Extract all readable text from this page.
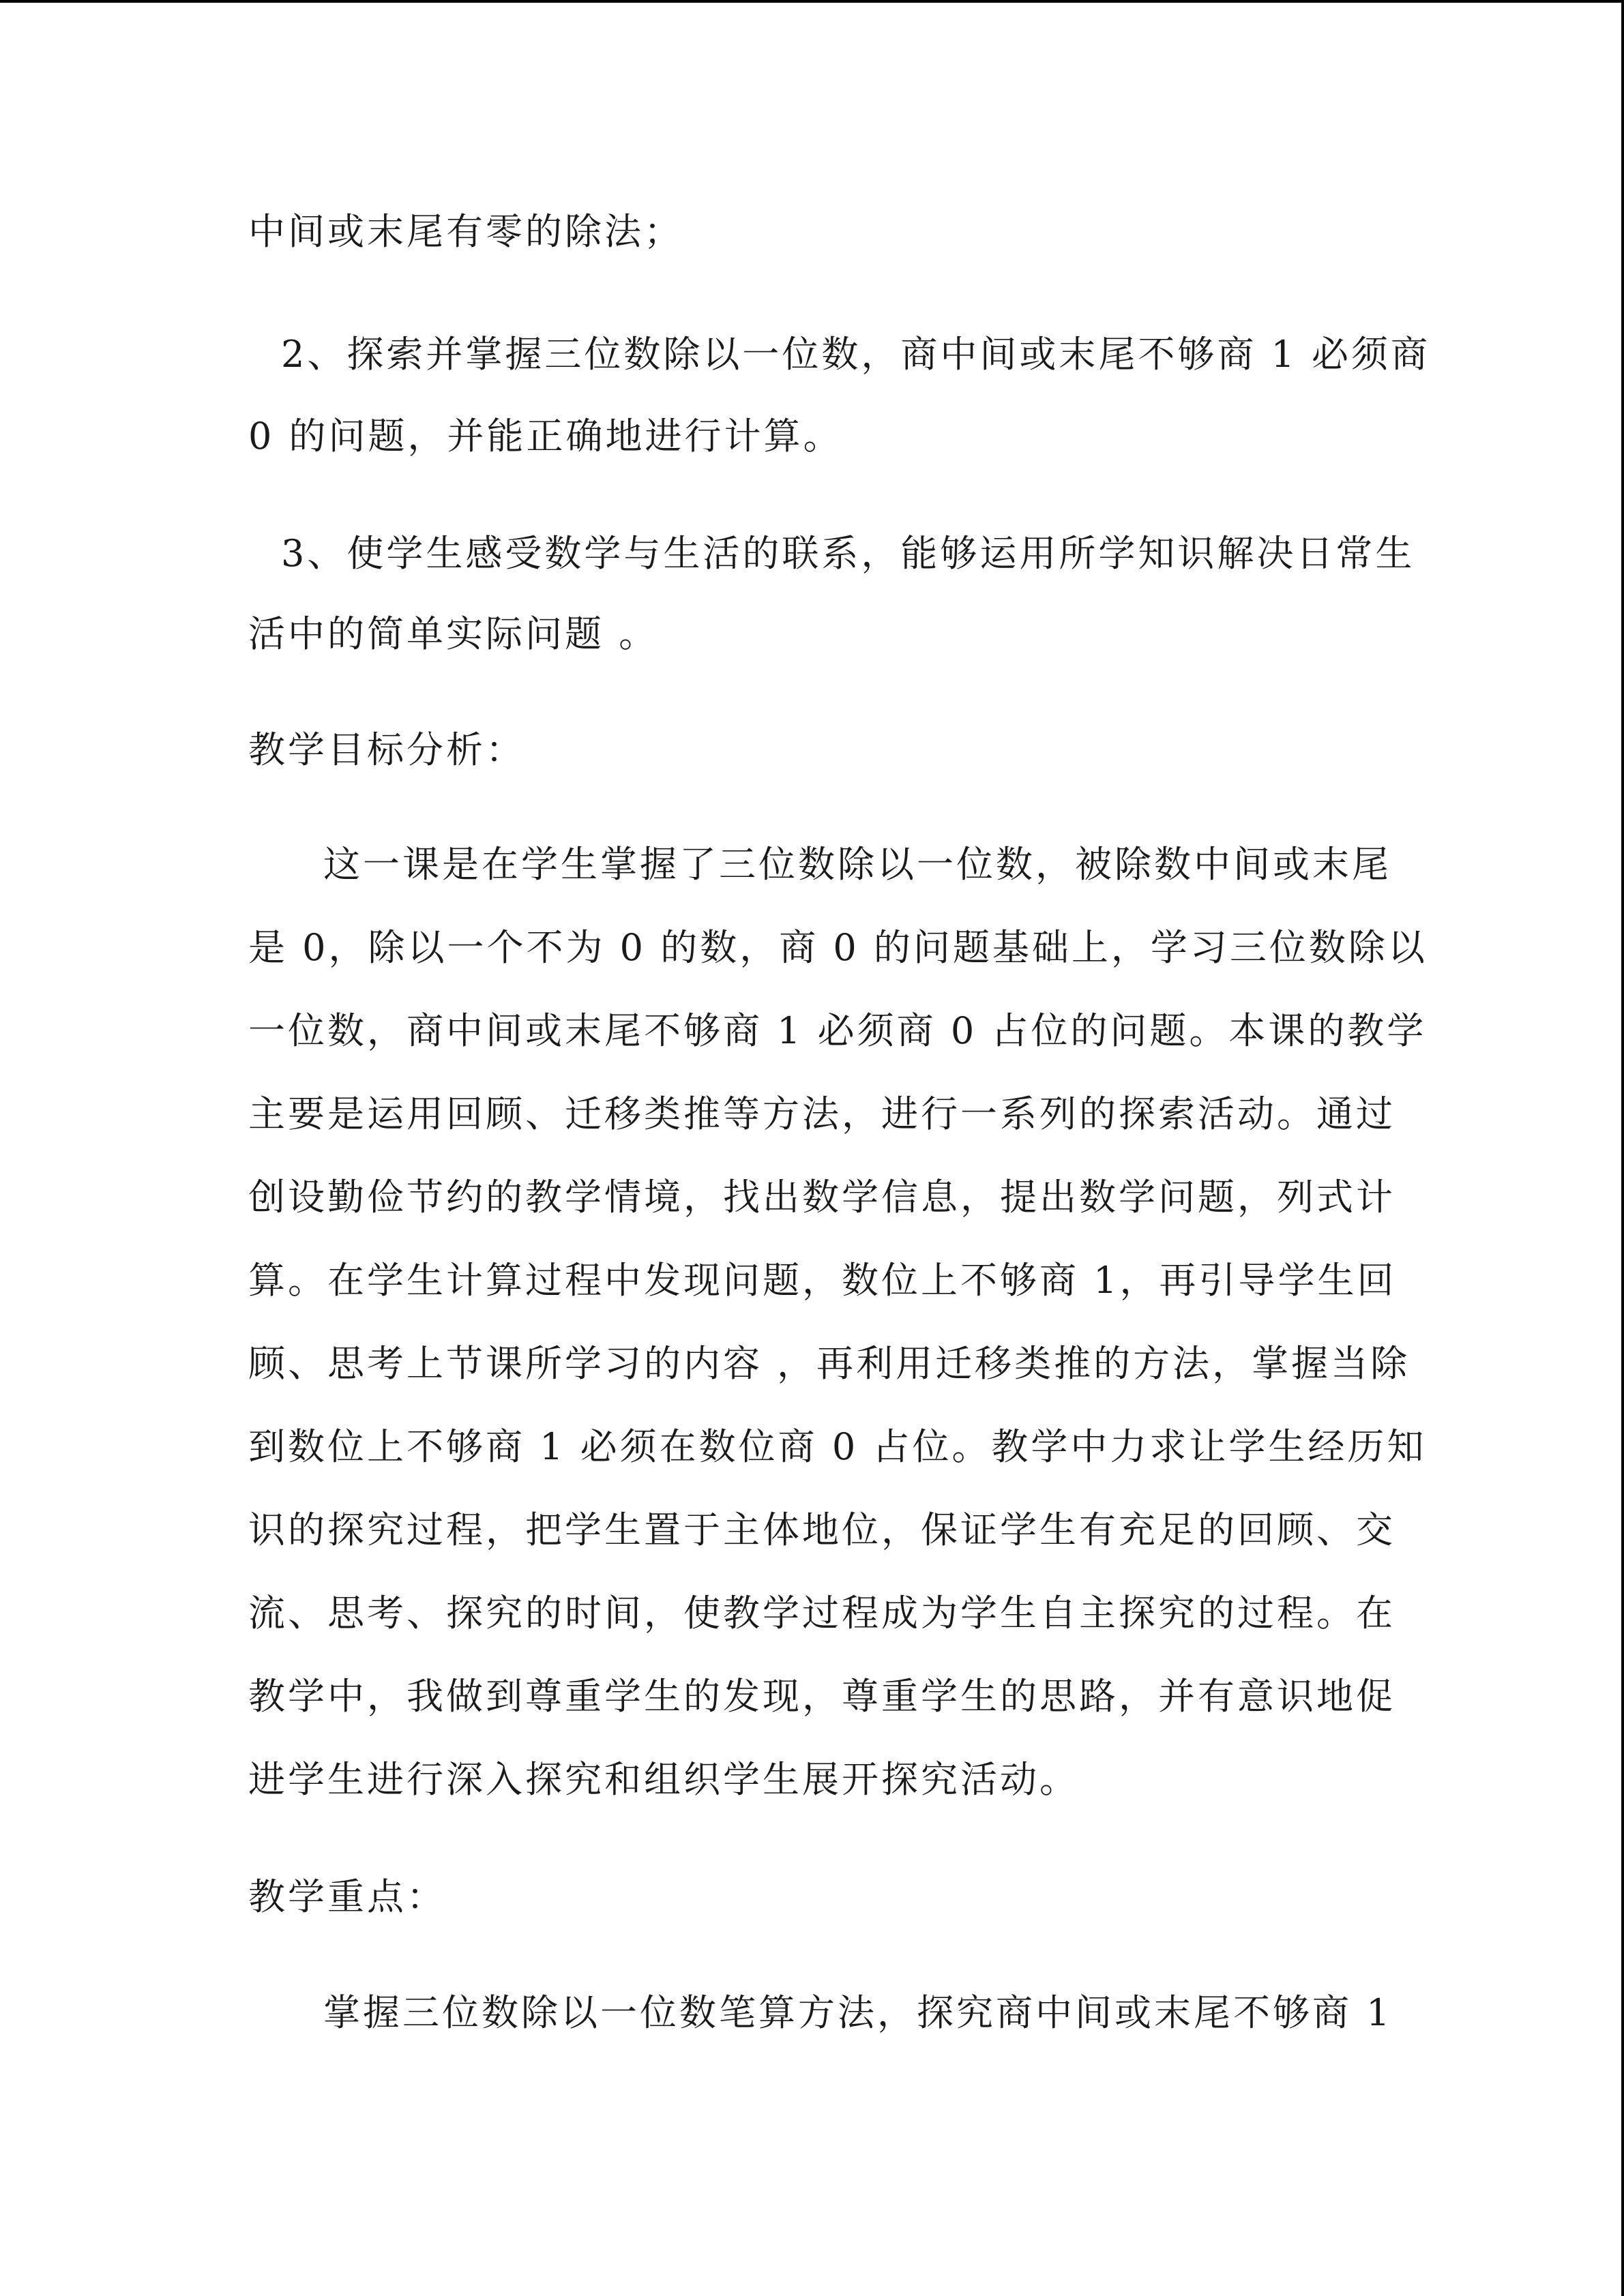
中间或末尾有零的除法；
2、探索并掌握三位数除以一位数，商中间或末尾不够商 1 必须商
0 的问题，并能正确地进行计算。
3、使学生感受数学与生活的联系，能够运用所学知识解决日常生
活中的简单实际问题 。
教学目标分析：
这一课是在学生掌握了三位数除以一位数，被除数中间或末尾
是 0，除以一个不为 0 的数，商 0 的问题基础上，学习三位数除以
一位数，商中间或末尾不够商 1 必须商 0 占位的问题。本课的教学
主要是运用回顾、迁移类推等方法，进行一系列的探索活动。通过
创设勤俭节约的教学情境，找出数学信息，提出数学问题，列式计
算。在学生计算过程中发现问题，数位上不够商 1，再引导学生回
顾、思考上节课所学习的内容 ，再利用迁移类推的方法，掌握当除
到数位上不够商 1 必须在数位商 0 占位。教学中力求让学生经历知
识的探究过程，把学生置于主体地位，保证学生有充足的回顾、交
流、思考、探究的时间，使教学过程成为学生自主探究的过程。在
教学中，我做到尊重学生的发现，尊重学生的思路，并有意识地促
进学生进行深入探究和组织学生展开探究活动。
教学重点：
掌握三位数除以一位数笔算方法，探究商中间或末尾不够商 1
